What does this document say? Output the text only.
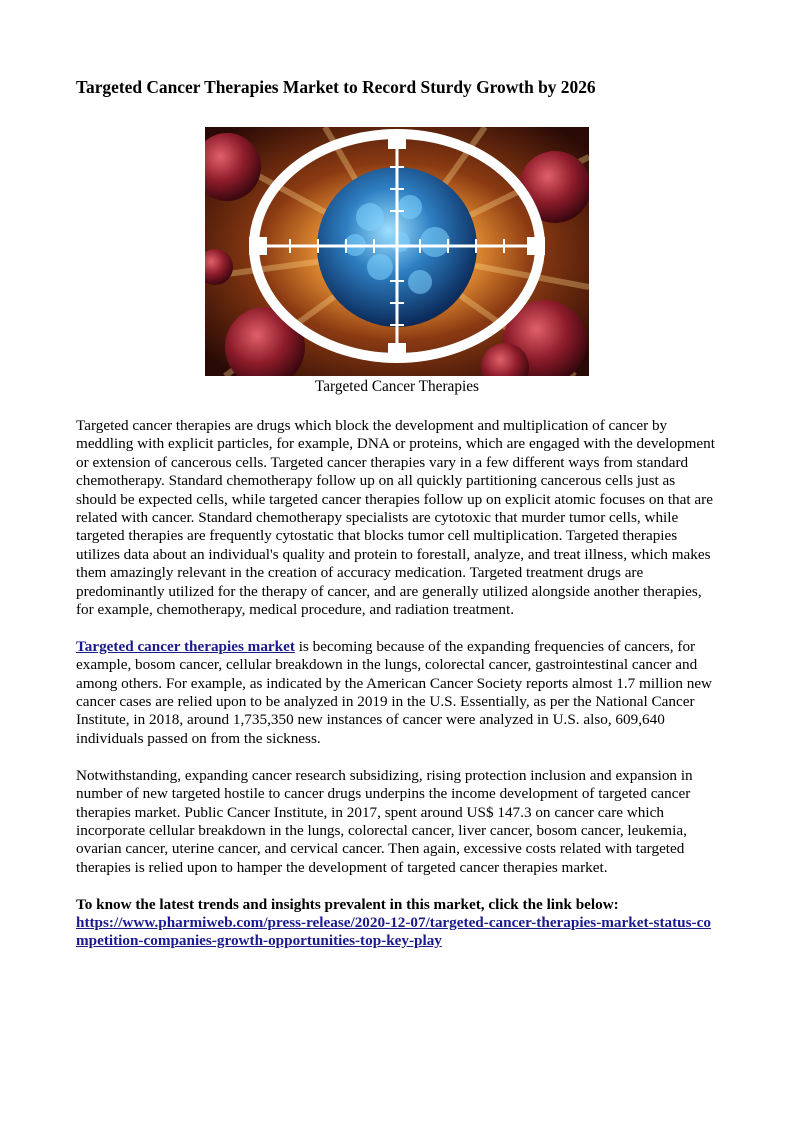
Targeted Cancer Therapies Market to Record Sturdy Growth by 2026
Targeted Cancer Therapies

Targeted cancer therapies are drugs which block the development and multiplication of cancer by meddling with explicit particles, for example, DNA or proteins, which are engaged with the development or extension of cancerous cells. Targeted cancer therapies vary in a few different ways from standard chemotherapy. Standard chemotherapy follow up on all quickly partitioning cancerous cells just as should be expected cells, while targeted cancer therapies follow up on explicit atomic focuses on that are related with cancer. Standard chemotherapy specialists are cytotoxic that murder tumor cells, while targeted therapies are frequently cytostatic that blocks tumor cell multiplication. Targeted therapies utilizes data about an individual's quality and protein to forestall, analyze, and treat illness, which makes them amazingly relevant in the creation of accuracy medication. Targeted treatment drugs are predominantly utilized for the therapy of cancer, and are generally utilized alongside another therapies, for example, chemotherapy, medical procedure, and radiation treatment.

Targeted cancer therapies market is becoming because of the expanding frequencies of cancers, for example, bosom cancer, cellular breakdown in the lungs, colorectal cancer, gastrointestinal cancer and among others. For example, as indicated by the American Cancer Society reports almost 1.7 million new cancer cases are relied upon to be analyzed in 2019 in the U.S. Essentially, as per the National Cancer Institute, in 2018, around 1,735,350 new instances of cancer were analyzed in U.S. also, 609,640 individuals passed on from the sickness.

Notwithstanding, expanding cancer research subsidizing, rising protection inclusion and expansion in number of new targeted hostile to cancer drugs underpins the income development of targeted cancer therapies market. Public Cancer Institute, in 2017, spent around US$ 147.3 on cancer care which incorporate cellular breakdown in the lungs, colorectal cancer, liver cancer, bosom cancer, leukemia, ovarian cancer, uterine cancer, and cervical cancer. Then again, excessive costs related with targeted therapies is relied upon to hamper the development of targeted cancer therapies market.

To know the latest trends and insights prevalent in this market, click the link below:
https://www.pharmiweb.com/press-release/2020-12-07/targeted-cancer-therapies-market-status-competition-companies-growth-opportunities-top-key-play
